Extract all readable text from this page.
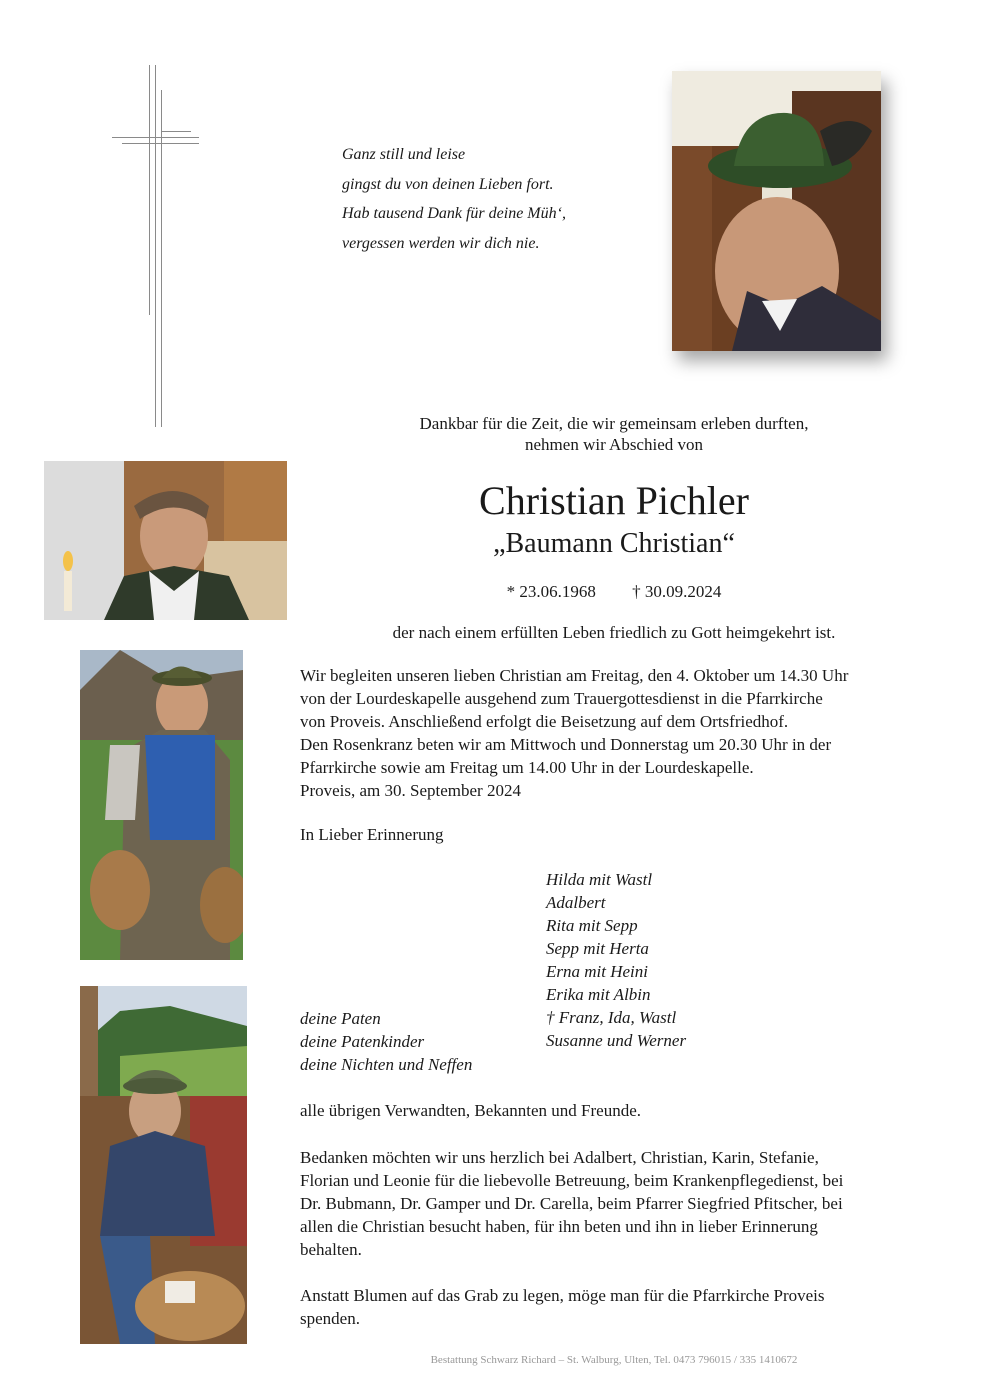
Ganz still und leise
gingst du von deinen Lieben fort.
Hab tausend Dank für deine Müh‘,
vergessen werden wir dich nie.
Dankbar für die Zeit, die wir gemeinsam erleben durften,
nehmen wir Abschied von
Christian Pichler
„Baumann Christian“
* 23.06.1968 † 30.09.2024
der nach einem erfüllten Leben friedlich zu Gott heimgekehrt ist.
Wir begleiten unseren lieben Christian am Freitag, den 4. Oktober um 14.30 Uhr
von der Lourdeskapelle ausgehend zum Trauergottesdienst in die Pfarrkirche
von Proveis. Anschließend erfolgt die Beisetzung auf dem Ortsfriedhof.
Den Rosenkranz beten wir am Mittwoch und Donnerstag um 20.30 Uhr in der
Pfarrkirche sowie am Freitag um 14.00 Uhr in der Lourdeskapelle.
Proveis, am 30. September 2024
In Lieber Erinnerung
Hilda mit Wastl
Adalbert
Rita mit Sepp
Sepp mit Herta
Erna mit Heini
Erika mit Albin
† Franz, Ida, Wastl
Susanne und Werner
deine Paten
deine Patenkinder
deine Nichten und Neffen
alle übrigen Verwandten, Bekannten und Freunde.
Bedanken möchten wir uns herzlich bei Adalbert, Christian, Karin, Stefanie,
Florian und Leonie für die liebevolle Betreuung, beim Krankenpflegedienst, bei
Dr. Bubmann, Dr. Gamper und Dr. Carella, beim Pfarrer Siegfried Pfitscher, bei
allen die Christian besucht haben, für ihn beten und ihn in lieber Erinnerung
behalten.
Anstatt Blumen auf das Grab zu legen, möge man für die Pfarrkirche Proveis
spenden.
Bestattung Schwarz Richard – St. Walburg, Ulten, Tel. 0473 796015 / 335 1410672
